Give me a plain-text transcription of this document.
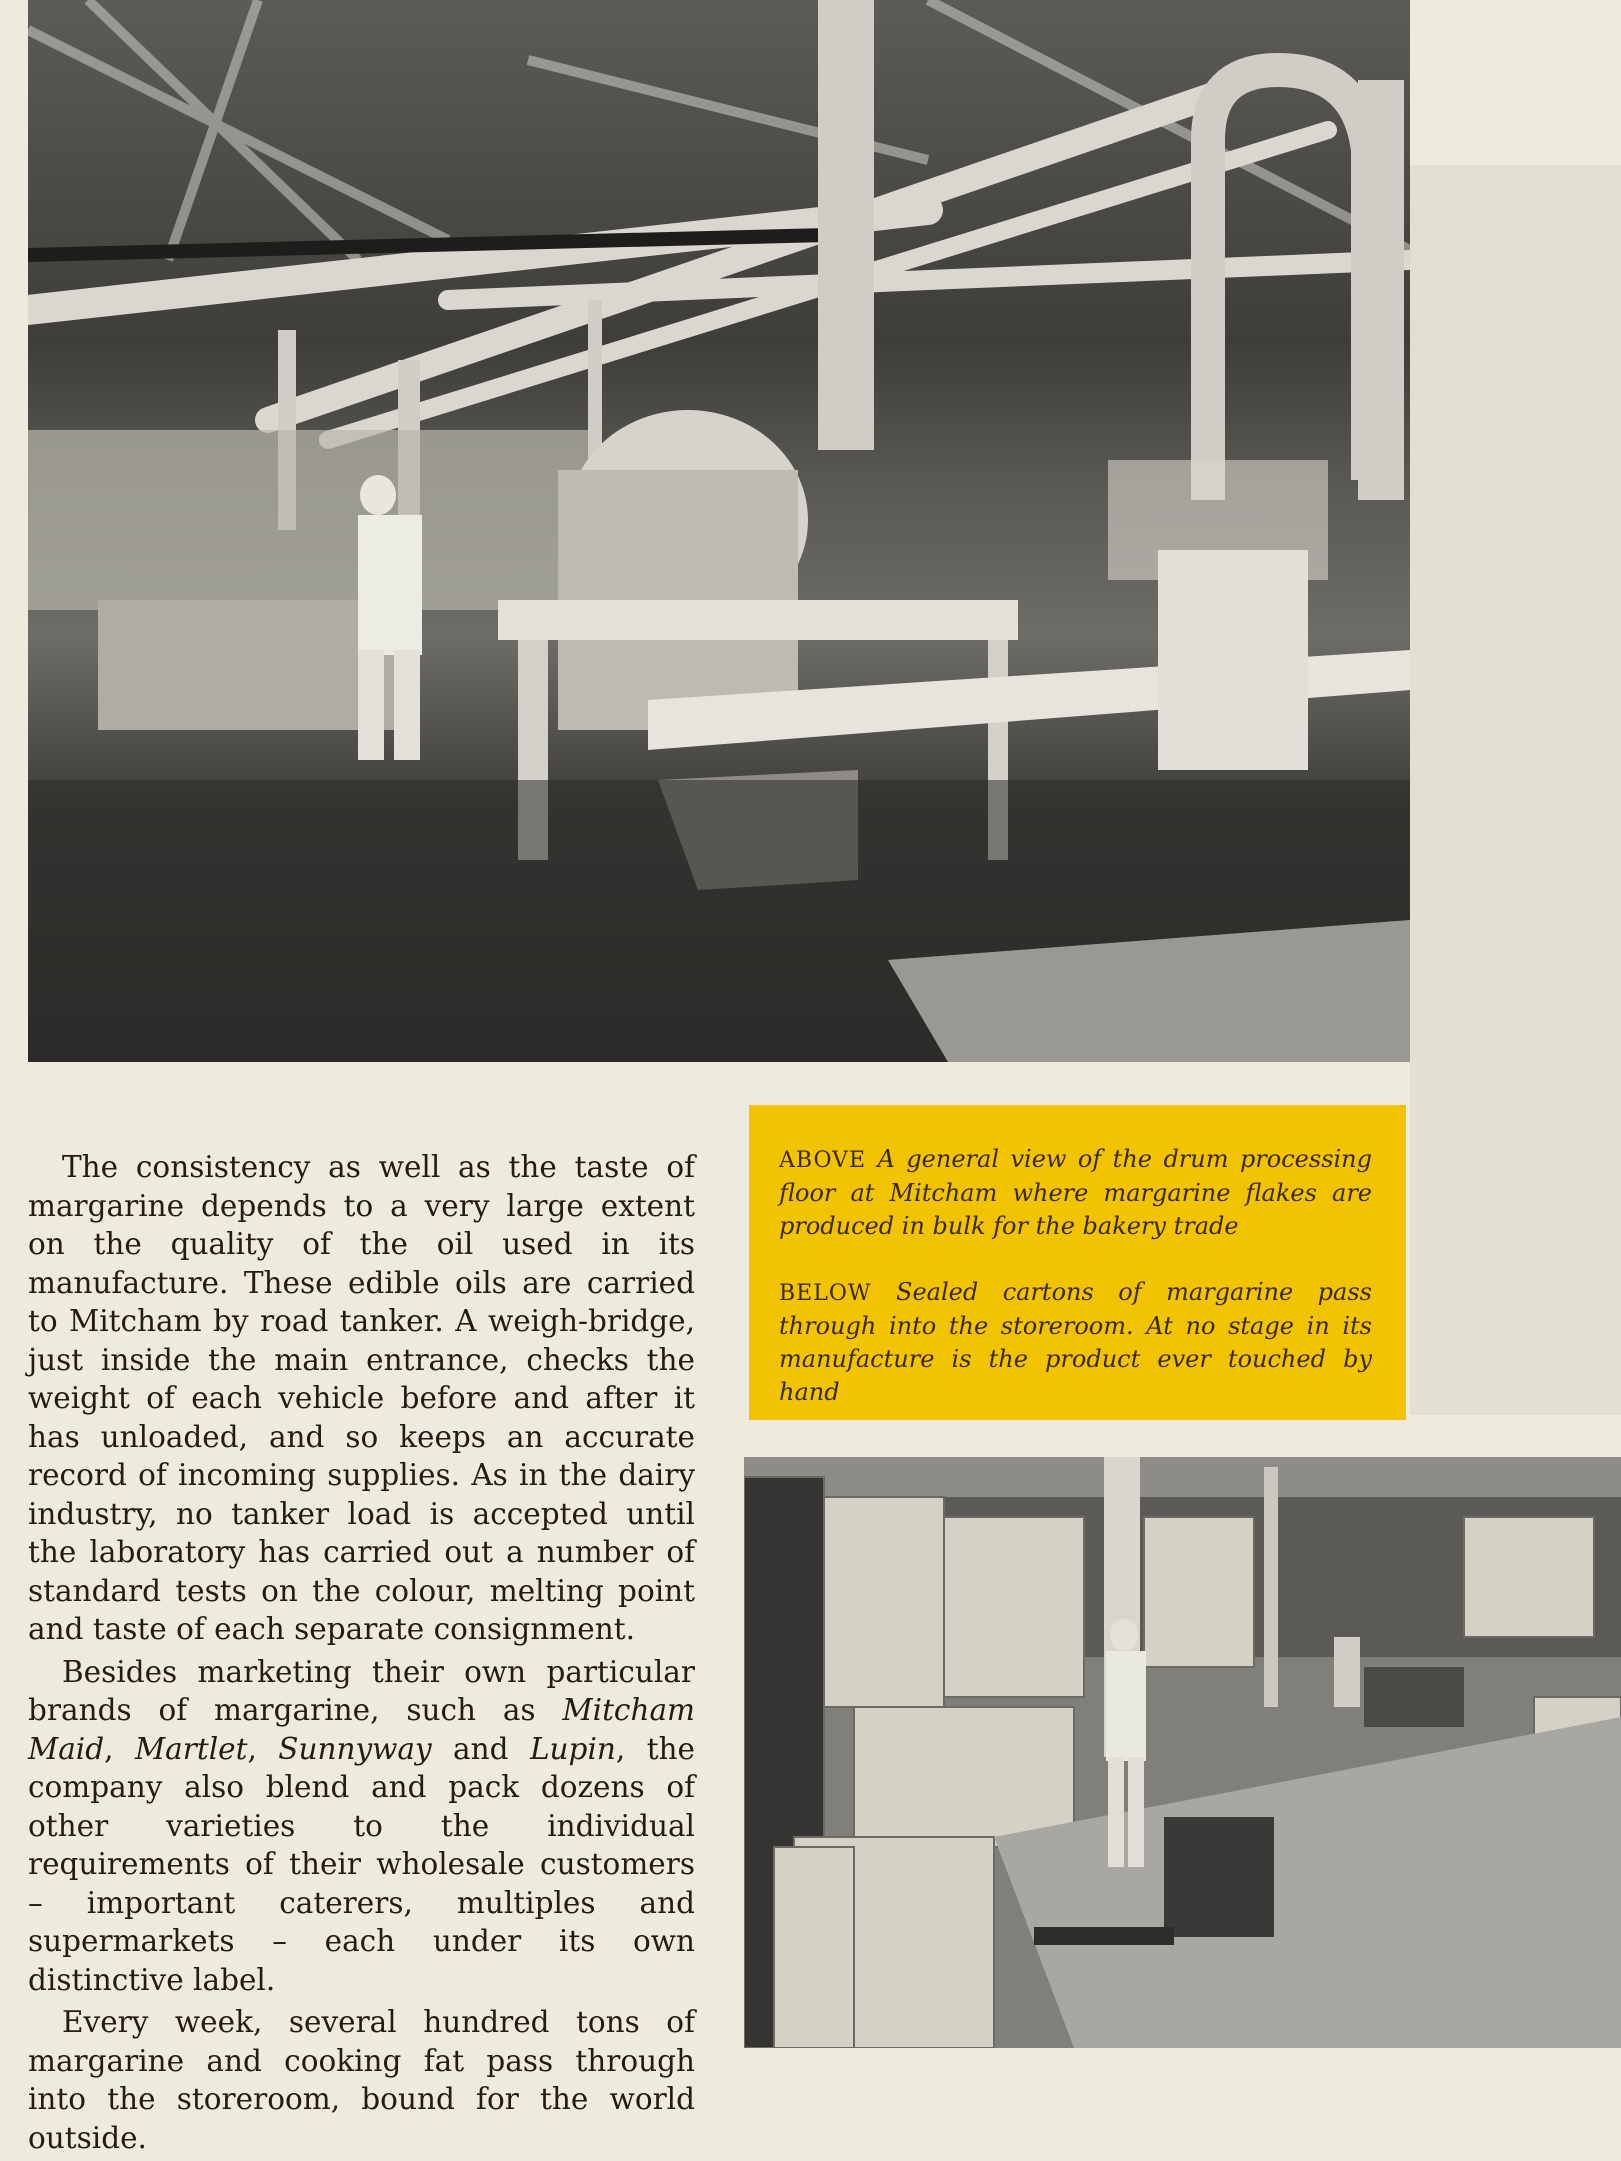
ABOVE A general view of the drum processing floor at Mitcham where margarine flakes are produced in bulk for the bakery trade

BELOW Sealed cartons of margarine pass through into the storeroom. At no stage in its manufacture is the product ever touched by hand

The consistency as well as the taste of margarine depends to a very large extent on the quality of the oil used in its manufacture. These edible oils are carried to Mitcham by road tanker. A weigh-bridge, just inside the main entrance, checks the weight of each vehicle before and after it has unloaded, and so keeps an accurate record of incoming supplies. As in the dairy industry, no tanker load is accepted until the laboratory has carried out a number of standard tests on the colour, melting point and taste of each separate consignment.

Besides marketing their own particular brands of margarine, such as Mitcham Maid, Martlet, Sunnyway and Lupin, the company also blend and pack dozens of other varieties to the individual requirements of their wholesale customers – important caterers, multiples and supermarkets – each under its own distinctive label.

Every week, several hundred tons of margarine and cooking fat pass through into the storeroom, bound for the world outside.
